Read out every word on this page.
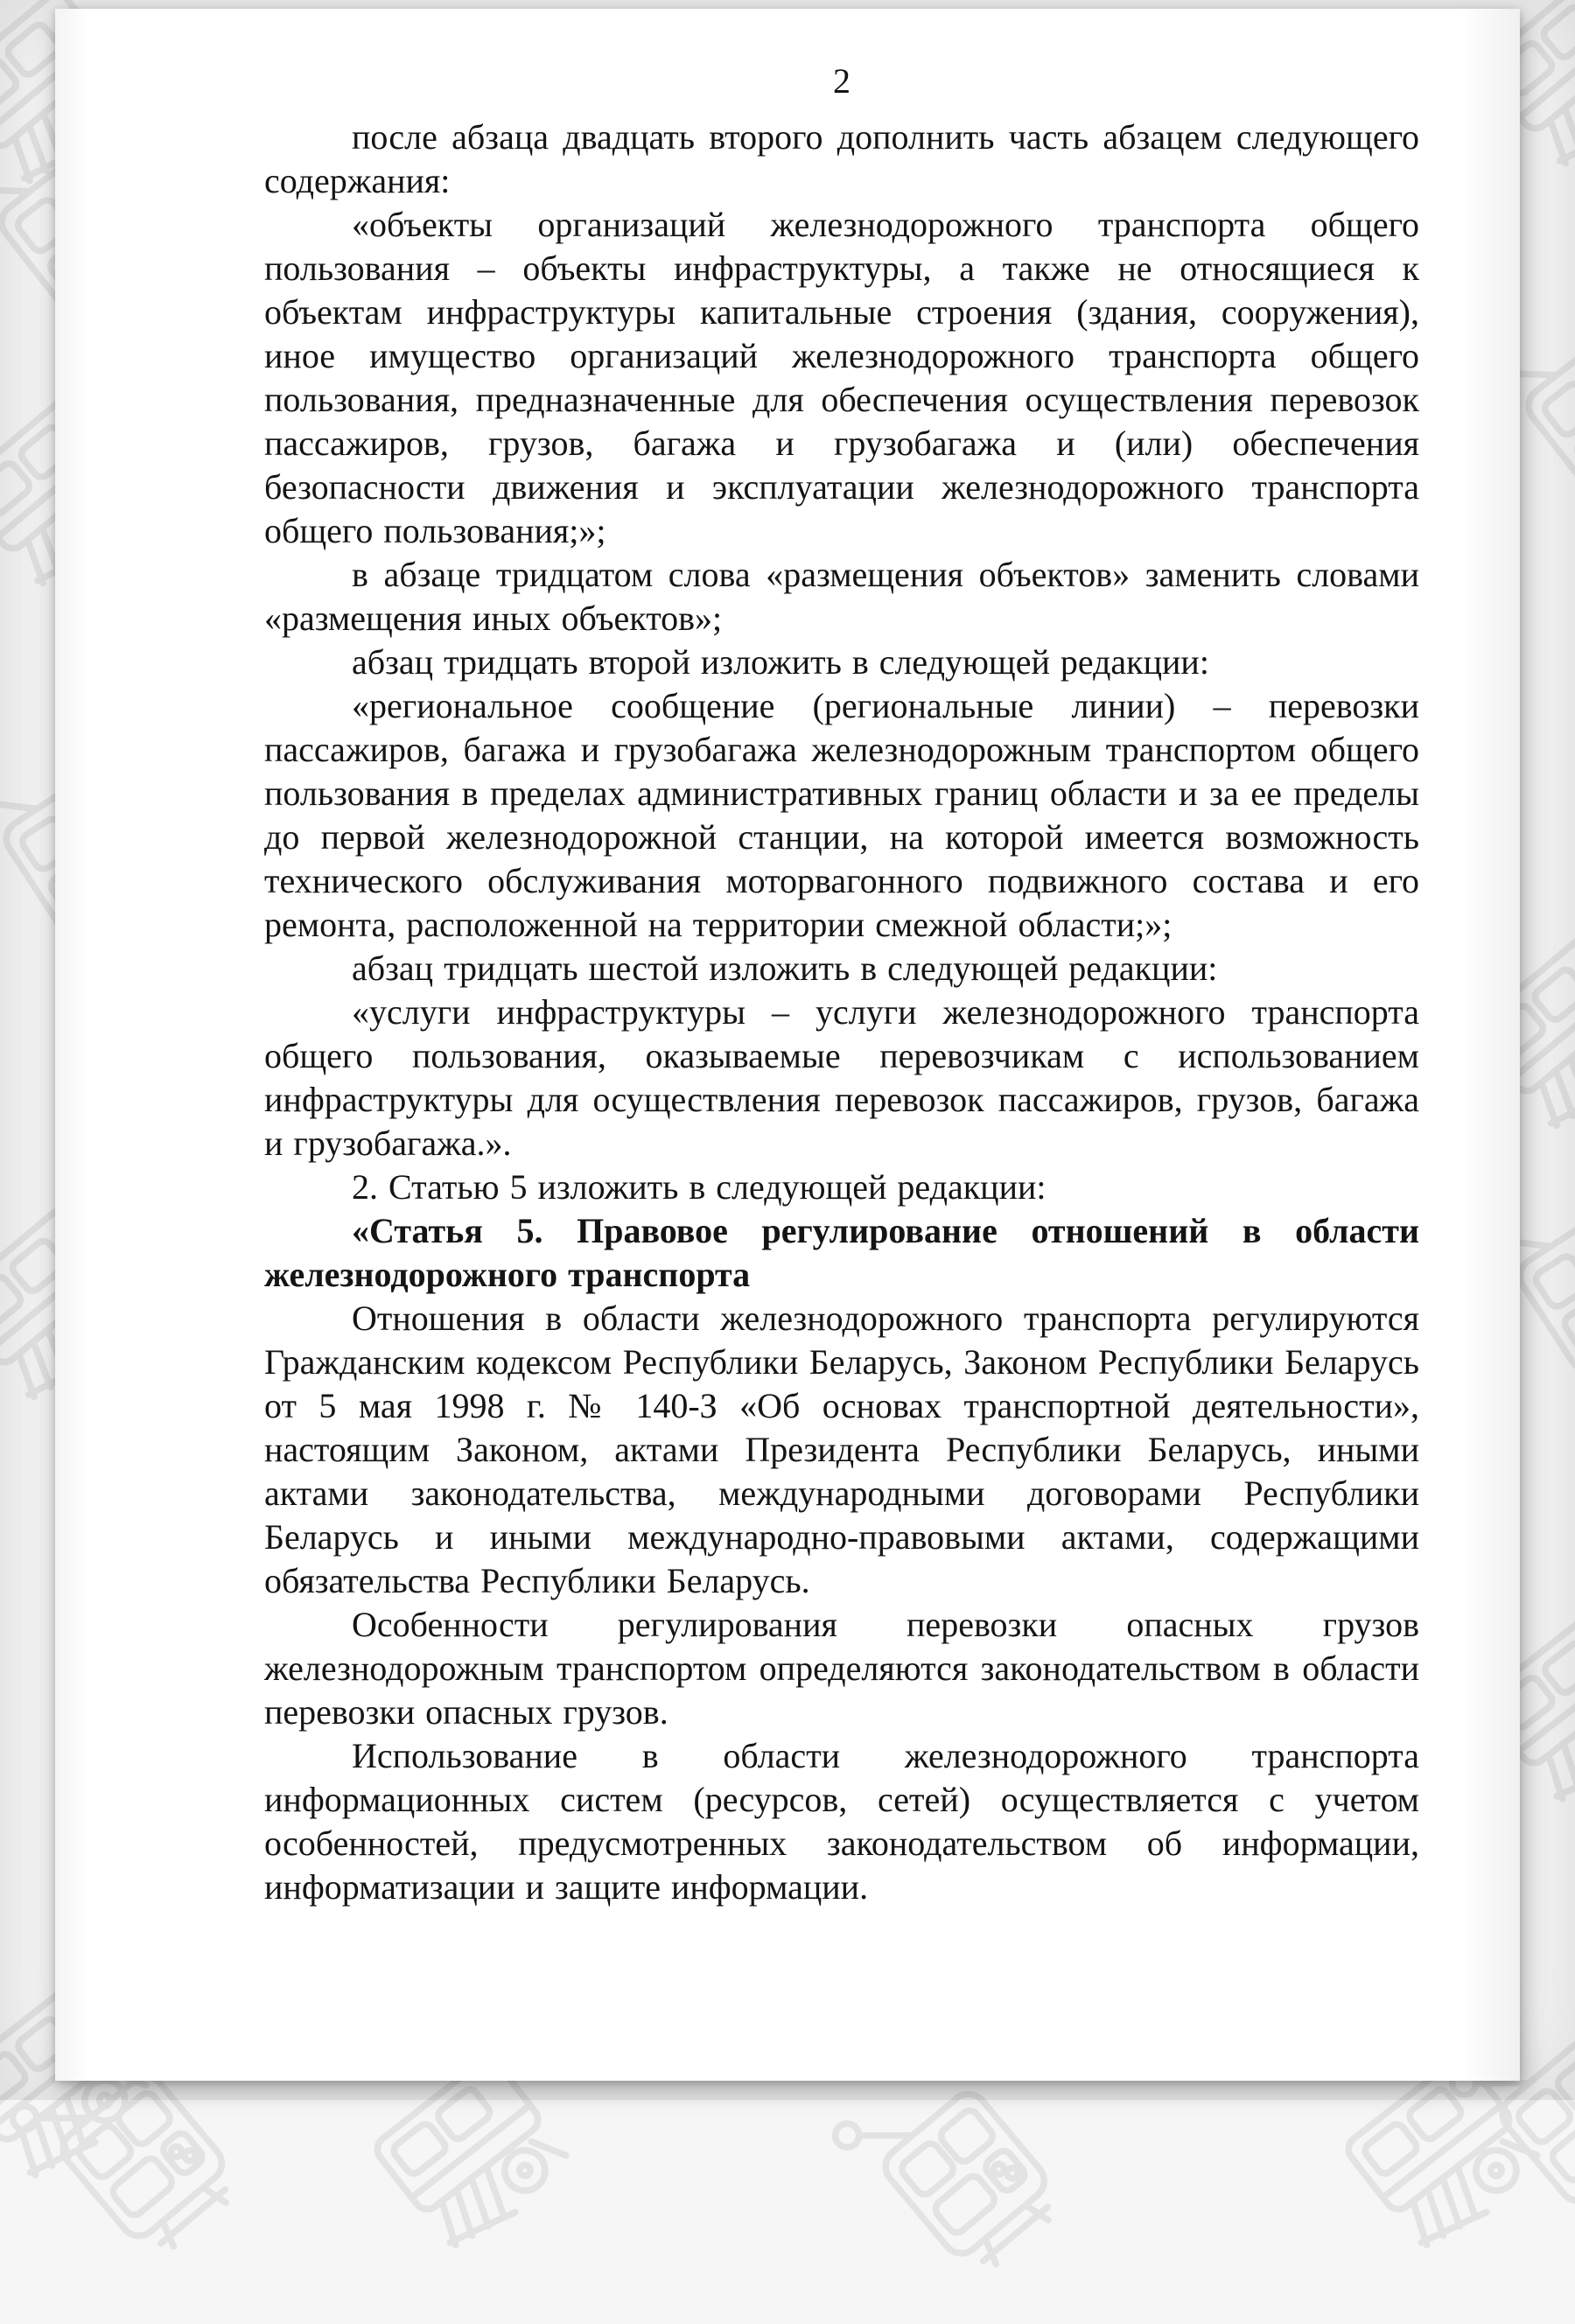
2

после абзаца двадцать второго дополнить часть абзацем следующего содержания:

«объекты организаций железнодорожного транспорта общего пользования – объекты инфраструктуры, а также не относящиеся к объектам инфраструктуры капитальные строения (здания, сооружения), иное имущество организаций железнодорожного транспорта общего пользования, предназначенные для обеспечения осуществления перевозок пассажиров, грузов, багажа и грузобагажа и (или) обеспечения безопасности движения и эксплуатации железнодорожного транспорта общего пользования;»;

в абзаце тридцатом слова «размещения объектов» заменить словами «размещения иных объектов»;

абзац тридцать второй изложить в следующей редакции:

«региональное сообщение (региональные линии) – перевозки пассажиров, багажа и грузобагажа железнодорожным транспортом общего пользования в пределах административных границ области и за ее пределы до первой железнодорожной станции, на которой имеется возможность технического обслуживания моторвагонного подвижного состава и его ремонта, расположенной на территории смежной области;»;

абзац тридцать шестой изложить в следующей редакции:

«услуги инфраструктуры – услуги железнодорожного транспорта общего пользования, оказываемые перевозчикам с использованием инфраструктуры для осуществления перевозок пассажиров, грузов, багажа и грузобагажа.».

2. Статью 5 изложить в следующей редакции:

«Статья 5. Правовое регулирование отношений в области железнодорожного транспорта

Отношения в области железнодорожного транспорта регулируются Гражданским кодексом Республики Беларусь, Законом Республики Беларусь от 5 мая 1998 г. № 140-З «Об основах транспортной деятельности», настоящим Законом, актами Президента Республики Беларусь, иными актами законодательства, международными договорами Республики Беларусь и иными международно-правовыми актами, содержащими обязательства Республики Беларусь.

Особенности регулирования перевозки опасных грузов железнодорожным транспортом определяются законодательством в области перевозки опасных грузов.

Использование в области железнодорожного транспорта информационных систем (ресурсов, сетей) осуществляется с учетом особенностей, предусмотренных законодательством об информации, информатизации и защите информации.
